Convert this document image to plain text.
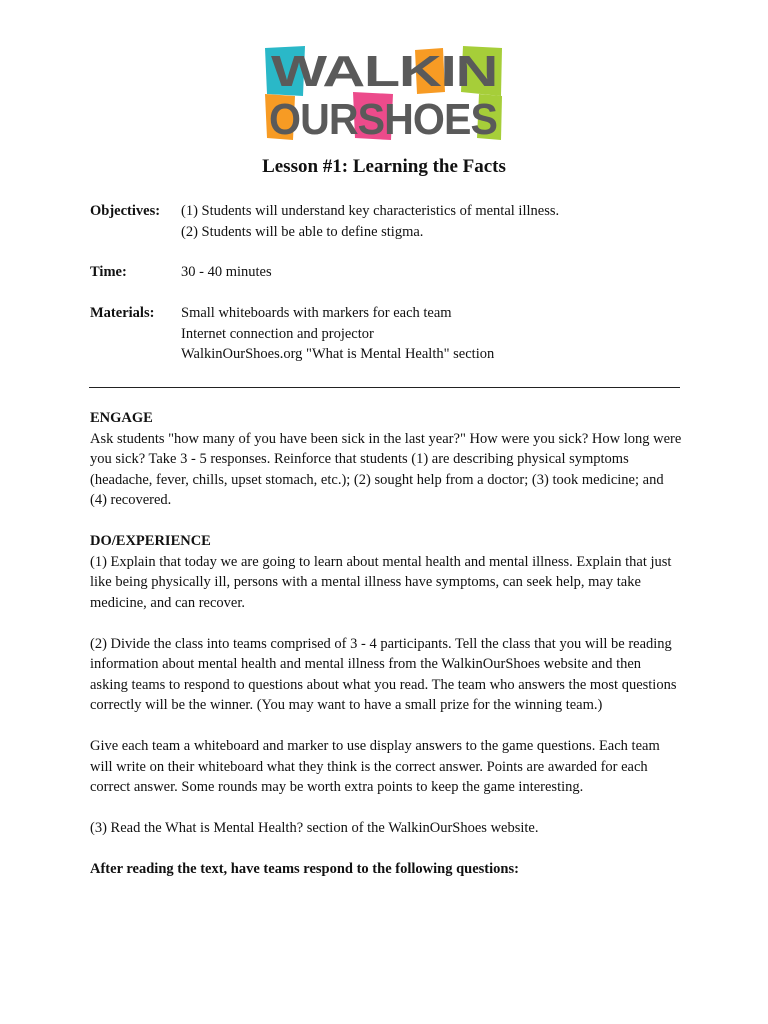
WALKIN
OURSHOES
Lesson #1: Learning the Facts
Objectives: (1) Students will understand key characteristics of mental illness.
(2) Students will be able to define stigma.
Time:	30 - 40 minutes
Materials: Small whiteboards with markers for each team
Internet connection and projector
WalkinOurShoes.org "What is Mental Health" section
ENGAGE

Ask students "how many of you have been sick in the last year?" How were you sick? How long were you sick? Take 3 - 5 responses. Reinforce that students (1) are describing physical symptoms (headache, fever, chills, upset stomach, etc.); (2) sought help from a doctor; (3) took medicine; and (4) recovered.

DO/EXPERIENCE

(1) Explain that today we are going to learn about mental health and mental illness. Explain that just like being physically ill, persons with a mental illness have symptoms, can seek help, may take medicine, and can recover.

(2) Divide the class into teams comprised of 3 - 4 participants. Tell the class that you will be reading information about mental health and mental illness from the WalkinOurShoes website and then asking teams to respond to questions about what you read. The team who answers the most questions correctly will be the winner. (You may want to have a small prize for the winning team.)

Give each team a whiteboard and marker to use display answers to the game questions. Each team will write on their whiteboard what they think is the correct answer. Points are awarded for each correct answer. Some rounds may be worth extra points to keep the game interesting.

(3) Read the What is Mental Health? section of the WalkinOurShoes website.

After reading the text, have teams respond to the following questions:
